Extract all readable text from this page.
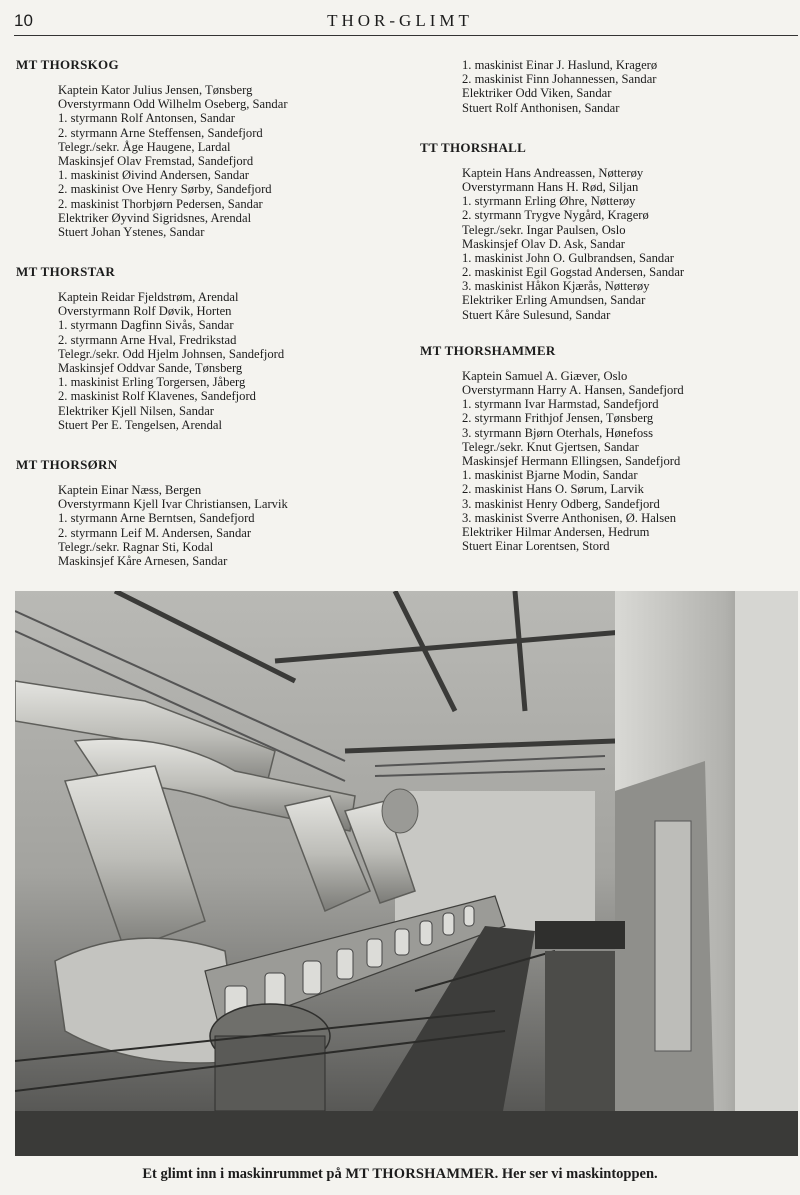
10	THOR-GLIMT
MT THORSKOG
Kaptein Kator Julius Jensen, Tønsberg
Overstyrmann Odd Wilhelm Oseberg, Sandar
1. styrmann Rolf Antonsen, Sandar
2. styrmann Arne Steffensen, Sandefjord
Telegr./sekr. Åge Haugene, Lardal
Maskinsjef Olav Fremstad, Sandefjord
1. maskinist Øivind Andersen, Sandar
2. maskinist Ove Henry Sørby, Sandefjord
2. maskinist Thorbjørn Pedersen, Sandar
Elektriker Øyvind Sigridsnes, Arendal
Stuert Johan Ystenes, Sandar
MT THORSTAR
Kaptein Reidar Fjeldstrøm, Arendal
Overstyrmann Rolf Døvik, Horten
1. styrmann Dagfinn Sivås, Sandar
2. styrmann Arne Hval, Fredrikstad
Telegr./sekr. Odd Hjelm Johnsen, Sandefjord
Maskinsjef Oddvar Sande, Tønsberg
1. maskinist Erling Torgersen, Jåberg
2. maskinist Rolf Klavenes, Sandefjord
Elektriker Kjell Nilsen, Sandar
Stuert Per E. Tengelsen, Arendal
MT THORSØRN
Kaptein Einar Næss, Bergen
Overstyrmann Kjell Ivar Christiansen, Larvik
1. styrmann Arne Berntsen, Sandefjord
2. styrmann Leif M. Andersen, Sandar
Telegr./sekr. Ragnar Sti, Kodal
Maskinsjef Kåre Arnesen, Sandar
1. maskinist Einar J. Haslund, Kragerø
2. maskinist Finn Johannessen, Sandar
Elektriker Odd Viken, Sandar
Stuert Rolf Anthonisen, Sandar
TT THORSHALL
Kaptein Hans Andreassen, Nøtterøy
Overstyrmann Hans H. Rød, Siljan
1. styrmann Erling Øhre, Nøtterøy
2. styrmann Trygve Nygård, Kragerø
Telegr./sekr. Ingar Paulsen, Oslo
Maskinsjef Olav D. Ask, Sandar
1. maskinist John O. Gulbrandsen, Sandar
2. maskinist Egil Gogstad Andersen, Sandar
3. maskinist Håkon Kjærås, Nøtterøy
Elektriker Erling Amundsen, Sandar
Stuert Kåre Sulesund, Sandar
MT THORSHAMMER
Kaptein Samuel A. Giæver, Oslo
Overstyrmann Harry A. Hansen, Sandefjord
1. styrmann Ivar Harmstad, Sandefjord
2. styrmann Frithjof Jensen, Tønsberg
3. styrmann Bjørn Oterhals, Hønefoss
Telegr./sekr. Knut Gjertsen, Sandar
Maskinsjef Hermann Ellingsen, Sandefjord
1. maskinist Bjarne Modin, Sandar
2. maskinist Hans O. Sørum, Larvik
3. maskinist Henry Odberg, Sandefjord
3. maskinist Sverre Anthonisen, Ø. Halsen
Elektriker Hilmar Andersen, Hedrum
Stuert Einar Lorentsen, Stord
Et glimt inn i maskinrummet på MT THORSHAMMER. Her ser vi maskintoppen.
